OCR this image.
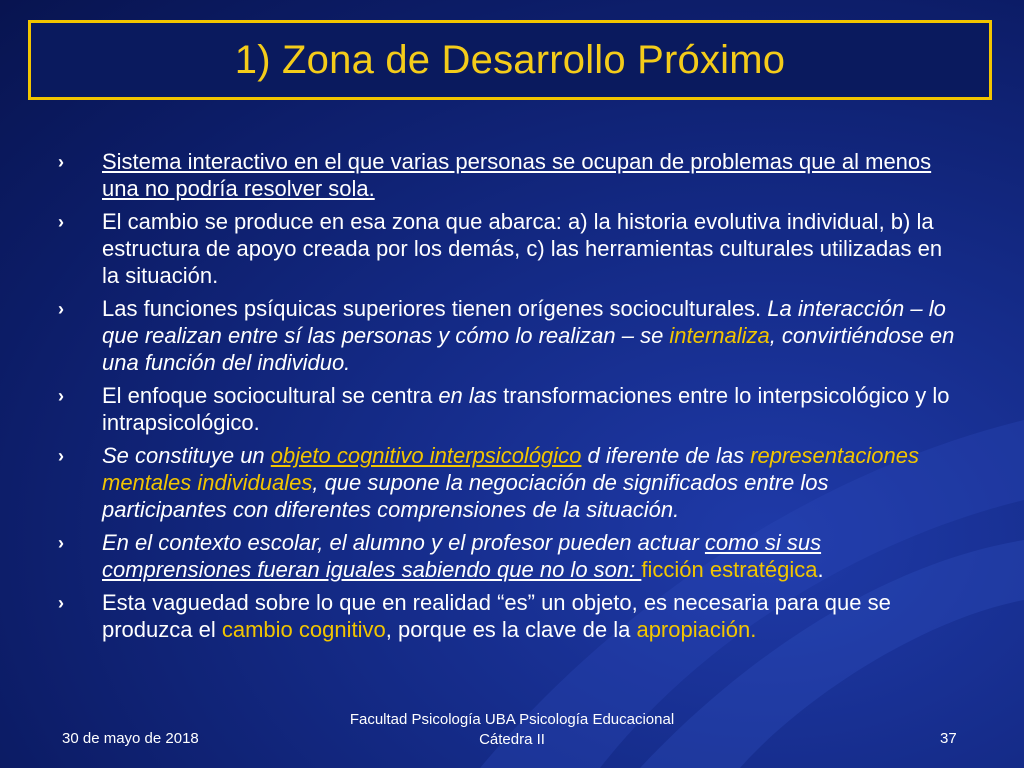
1) Zona de Desarrollo Próximo
›	Sistema interactivo en el que varias personas se ocupan de problemas que al menos una no podría resolver sola.
›	El cambio se produce en esa zona que abarca: a) la historia evolutiva individual, b) la estructura de apoyo creada por los demás, c) las herramientas culturales utilizadas en la situación.
›	Las funciones psíquicas superiores tienen orígenes socioculturales. La interacción – lo que realizan entre sí las personas y cómo lo realizan – se internaliza, convirtiéndose en una función del individuo.
›	El enfoque sociocultural se centra en las transformaciones entre lo interpsicológico y lo intrapsicológico.
›	Se constituye un objeto cognitivo interpsicológico d iferente de las representaciones mentales individuales, que supone la negociación de significados entre los participantes con diferentes comprensiones de la situación.
›	En el contexto escolar, el alumno y el profesor pueden actuar como si sus comprensiones fueran iguales sabiendo que no lo son: ficción estratégica.
›	Esta vaguedad sobre lo que en realidad “es” un objeto, es necesaria para que se produzca el cambio cognitivo, porque es la clave de la apropiación.
30 de mayo de 2018
Facultad Psicología UBA Psicología Educacional
Cátedra II	37
